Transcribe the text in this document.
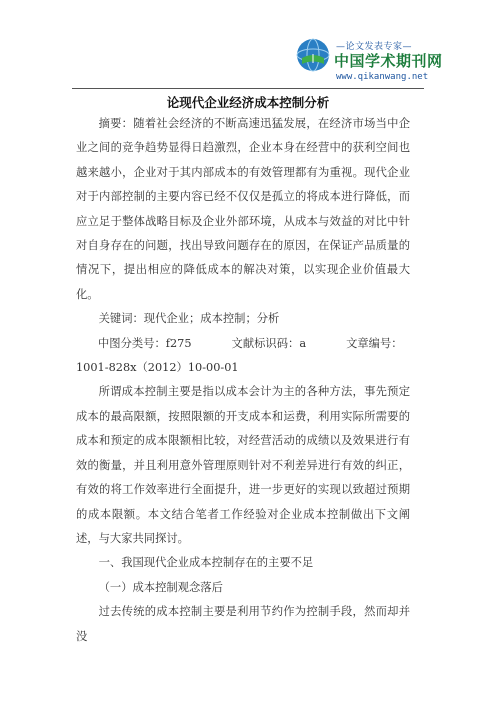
—论文发表专家—
中国学术期刊网
www.qikanwang.net
论现代企业经济成本控制分析

摘要：随着社会经济的不断高速迅猛发展，在经济市场当中企业之间的竞争趋势显得日趋激烈，企业本身在经营中的获利空间也越来越小，企业对于其内部成本的有效管理都有为重视。现代企业对于内部控制的主要内容已经不仅仅是孤立的将成本进行降低，而应立足于整体战略目标及企业外部环境，从成本与效益的对比中针对自身存在的问题，找出导致问题存在的原因，在保证产品质量的情况下，提出相应的降低成本的解决对策，以实现企业价值最大化。

关键词：现代企业；成本控制；分析

中图分类号：f275	文献标识码：a	文章编号：1001-828x（2012）10-00-01

所谓成本控制主要是指以成本会计为主的各种方法，事先预定成本的最高限额，按照限额的开支成本和运费，利用实际所需要的成本和预定的成本限额相比较，对经营活动的成绩以及效果进行有效的衡量，并且利用意外管理原则针对不利差异进行有效的纠正，有效的将工作效率进行全面提升，进一步更好的实现以致超过预期的成本限额。本文结合笔者工作经验对企业成本控制做出下文阐述，与大家共同探讨。

一、我国现代企业成本控制存在的主要不足

（一）成本控制观念落后

过去传统的成本控制主要是利用节约作为控制手段，然而却并没
